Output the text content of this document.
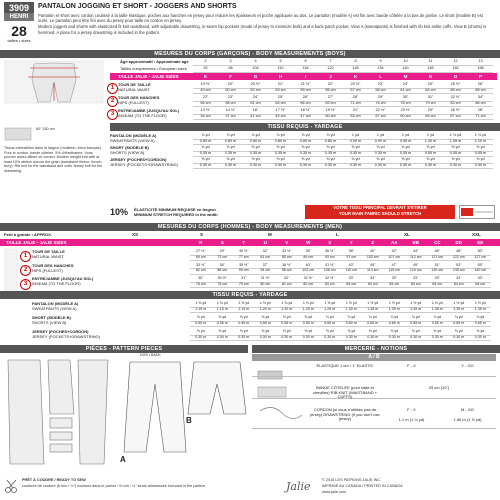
3909
HENRI
28
tailles • sizes
PANTALON JOGGING ET SHORT - JOGGERS AND SHORTS
Pantalon et short avec cordon coulissé à la taille élastique, poches aux hanches en jersey pour réduire les épaisseurs et poche appliquée au dos. Le pantalon (modèle A) est fini avec bande côtelée à la bas de jambe. Le short (modèle B) est ourlé. Le pantalon peut être fini avec du jersey pour taille en cordon en jersey.
Modern joggers and shorts with elasticized fit knit waistband, with adjustable drawstring, in-seam hip pockets (made of jersey to minimize bulk) and a back patch pocket. View A (sweatpants) is finished with rib knit ankle cuffs. View B (shorts) is hemmed. A place for a jersey drawstring is included in the pattern.
MESURES DU CORPS (GARÇONS) - BODY MEASUREMENTS (BOYS)
Âge approximatif • Approximate age	2	3	4	5	6	7	8	9	10	11	12	13
Tailles européennes • European sizes	92	98	104	110	116	122	128	134	140	146	152	158
TAILLE JALIE • JALIE SIZES	E	F	G	H	I	J	K	L	M	N	O	P
1
2
3
TOUR DE TAILLE
NATURAL WAIST
19 ½"	20"	20 ½"	21"	21 ½"	22"	22 ½"	23"	24"	25"	25 ½"	26"
49 cm	50 cm	52 cm	53 cm	55 cm	56 cm	57 cm	58 cm	61 cm	64 cm	65 cm	66 cm
TOUR DES HANCHES
HIPS (FULLEST)
22"	23"	24"	25"	26"	27"	28"	29"	30"	31"	32 ½"	34"
56 cm	58 cm	61 cm	64 cm	66 cm	69 cm	71 cm	74 cm	76 cm	79 cm	83 cm	86 cm
ENTREJAMBE (JUSQU'AU SOL)
INSEAM (TO THE FLOOR)
13 ½"	14 ½"	16"	17 ½"	18 ½"	19 ½"	21"	22 ½"	23 ½"	25"	26 ½"	28"
34 cm	37 cm	41 cm	44 cm	47 cm	50 cm	53 cm	57 cm	60 cm	64 cm	67 cm	71 cm
TISSU REQUIS - YARDAGE
60" 150 cm
Tissus extensibles dans la largeur (molleton, tricot français). Pour le cordon, bande côtelée, 5% d'élasthanne. Vous pouvez aussi utiliser un cordon. Modern weight knit with at least 10% stretch across the grain (sweatshirt fleece, french terry). Rib knit for the waistband and cuffs Jersey knit for the drawstring.
PANTALON (MODÈLE A)
SWEATPANTS (VIEW A)
⅞ yd	⅞ yd	⅞ yd	⅞ yd	⅞ yd	⅞ yd	1 yd	1 yd	1 yd	1 yd	1 ⅛ yd	1 ⅛ yd
0.80 m	0.80 m	0.80 m	0.80 m	0.80 m	0.80 m	0.90 m	0.90 m	0.95 m	1.00 m	1.05 m	1.10 m
SHORT (MODÈLE B)
SHORTS (VIEW B)
⅜ yd	⅜ yd	⅜ yd	⅜ yd	⅜ yd	⅜ yd	⅜ yd	⅜ yd	⅜ yd	⅝ yd	⅝ yd	⅝ yd
0.35 m	0.35 m	0.35 m	0.35 m	0.35 m	0.35 m	0.35 m	0.35 m	0.35 m	0.55 m	0.55 m	0.55 m
JERSEY (POCHES+CORDON)
JERSEY (POCKETS+DRAWSTRING)
⅜ yd	⅜ yd	⅜ yd	⅜ yd	⅜ yd	⅜ yd	⅜ yd	⅜ yd	⅜ yd	⅜ yd	⅜ yd	⅜ yd
0.30 m	0.30 m	0.30 m	0.30 m	0.30 m	0.30 m	0.30 m	0.30 m	0.30 m	0.30 m	0.30 m	0.30 m
10% ÉLASTICITÉ MINIMUM REQUISE en largeur
MINIMUM STRETCH REQUIRED in the width
VOTRE TISSU PRINCIPAL DEVRAIT S'ÉTIRER
YOUR MAIN FABRIC SHOULD STRETCH
MESURES DU CORPS (HOMMES) - BODY MEASUREMENTS (MEN)
Petit à grande • APPROX.	XS	S	M	L	XL	XXL
TAILLE JALIE • JALIE SIZES	R	S	T	U	V	W	X	Y	Z	AA	BB	CC	DD	EE
1
2
3
TOUR DE TAILLE
NATURAL WAIST
27 ½"	29"	30 ½"	32"	33 ½"	35"	36 ½"	38"	40"	42"	44"	46"	48"	50"
69 cm	73 cm	77 cm	81 cm	85 cm	89 cm	93 cm	97 cm	102 cm	107 cm	112 cm	117 cm	122 cm	127 cm
TOUR DES HANCHES
HIPS (FULLEST)
32 ½"	34"	35 ½"	37"	38 ½"	40"	41 ½"	43"	45"	47"	49"	51"	53"	55"
82 cm	86 cm	90 cm	94 cm	98 cm	102 cm	106 cm	110 cm	114 cm	119 cm	124 cm	130 cm	135 cm	140 cm
ENTREJAMBE (JUSQU'AU SOL)
INSEAM (TO THE FLOOR)
30"	30 ½"	31"	31 ½"	32"	32 ½"	32 ½"	33"	33"	33"	33"	33"	33"	33"
76 cm	78 cm	79 cm	80 cm	81 cm	82 cm	83 cm	84 cm	84 cm	84 cm	84 cm	84 cm	84 cm	84 cm
TISSU REQUIS - YARDAGE
PANTALON (MODÈLE A)
SWEATPANTS (VIEW A)
1 ⅜ yd	1 ⅜ yd	1 ⅜ yd	1 ⅜ yd	1 ⅜ yd	1 ⅜ yd	1 ⅜ yd	1 ½ yd	1 ½ yd	1 ½ yd	1 ½ yd	1 ½ yd	1 ½ yd	1 ½ yd
1.15 m	1.15 m	1.15 m	1.20 m	1.20 m	1.25 m	1.25 m	1.30 m	1.35 m	1.35 m	1.35 m	1.35 m	1.35 m	1.35 m
SHORT (MODÈLE B)
SHORTS (VIEW B)
⅝ yd	⅝ yd	⅝ yd	⅝ yd	⅝ yd	⅝ yd	¾ yd	¾ yd	¾ yd	¾ yd	¾ yd	¾ yd	¾ yd	¾ yd
0.55 m	0.55 m	0.55 m	0.55 m	0.55 m	0.55 m	0.60 m	0.60 m	0.65 m	0.65 m	0.65 m	0.65 m	0.65 m	0.65 m
JERSEY (POCHES+CORDON)
JERSEY (POCKETS+DRAWSTRING)
⅜ yd	⅜ yd	⅜ yd	⅜ yd	⅜ yd	⅜ yd	⅜ yd	⅜ yd	⅜ yd	⅜ yd	⅜ yd	⅜ yd	⅜ yd	⅜ yd
0.30 m	0.30 m	0.30 m	0.30 m	0.30 m	0.30 m	0.30 m	0.30 m	0.30 m	0.30 m	0.30 m	0.30 m	0.30 m	0.30 m
PIÈCES - PATTERN PIECES
A
B
DOS • BACK
MERCERIE - NOTIONS
A / B
ÉLASTIQUE 1 cm / 1" ELASTIC	F - X	Y - GG
BANDE CÔTELÉE (pour taille et chevilles) RIB KNIT (WAISTBAND + CUFFS)
25 cm (10")
CORDON (si vous n'utilisez pas de jersey) DRAWSTRING (if you don't use jersey)
F - X	M - GG
1.1 m (1 ¼ yd)	1.50 m (1 ⅝ yd)
PRÊT À COUDRE / READY TO SEW
coutures de couture (6 mm / ¼") incluses dans le patron / 6 mm / ¼" seam allowances included in the pattern	Jalie	© 2015 LES PATRONS JALIE INC.
IMPRIMÉ AU CANADA / PRINTED IN CANADA
www.jalie.com
